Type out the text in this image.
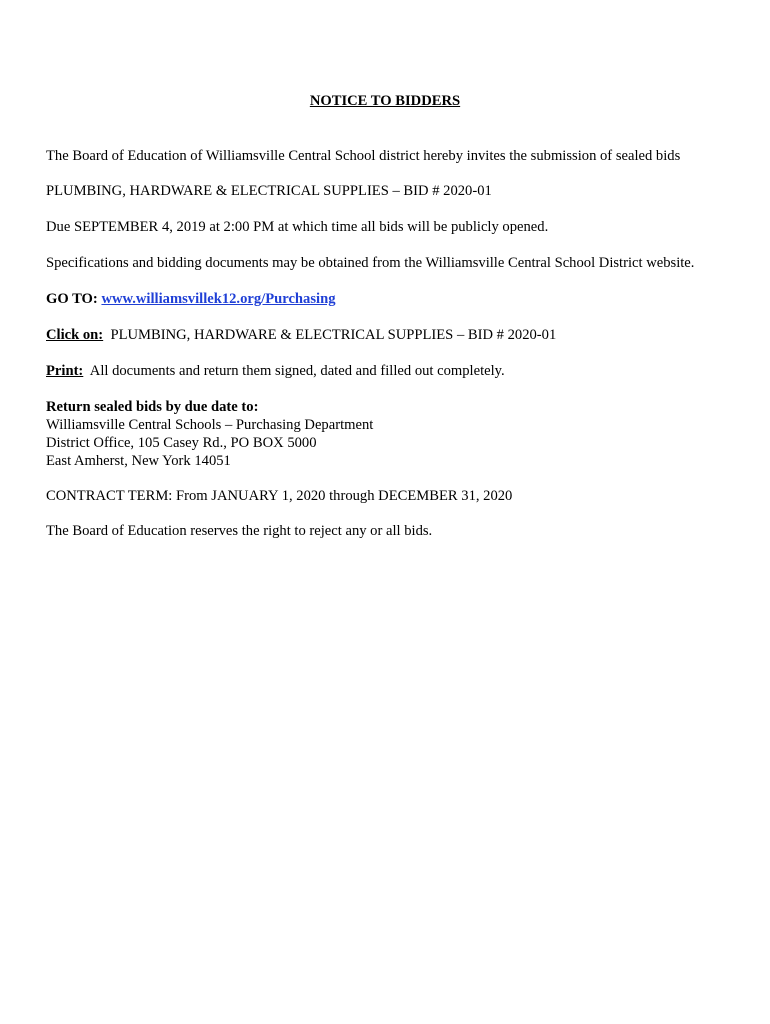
NOTICE TO BIDDERS
The Board of Education of Williamsville Central School district hereby invites the submission of sealed bids
PLUMBING, HARDWARE & ELECTRICAL SUPPLIES – BID # 2020-01
Due SEPTEMBER 4, 2019 at 2:00 PM at which time all bids will be publicly opened.
Specifications and bidding documents may be obtained from the Williamsville Central School District website.
GO TO: www.williamsvillek12.org/Purchasing
Click on: PLUMBING, HARDWARE & ELECTRICAL SUPPLIES – BID # 2020-01
Print: All documents and return them signed, dated and filled out completely.
Return sealed bids by due date to:
Williamsville Central Schools – Purchasing Department
District Office, 105 Casey Rd., PO BOX 5000
East Amherst, New York 14051
CONTRACT TERM: From JANUARY 1, 2020 through DECEMBER 31, 2020
The Board of Education reserves the right to reject any or all bids.
